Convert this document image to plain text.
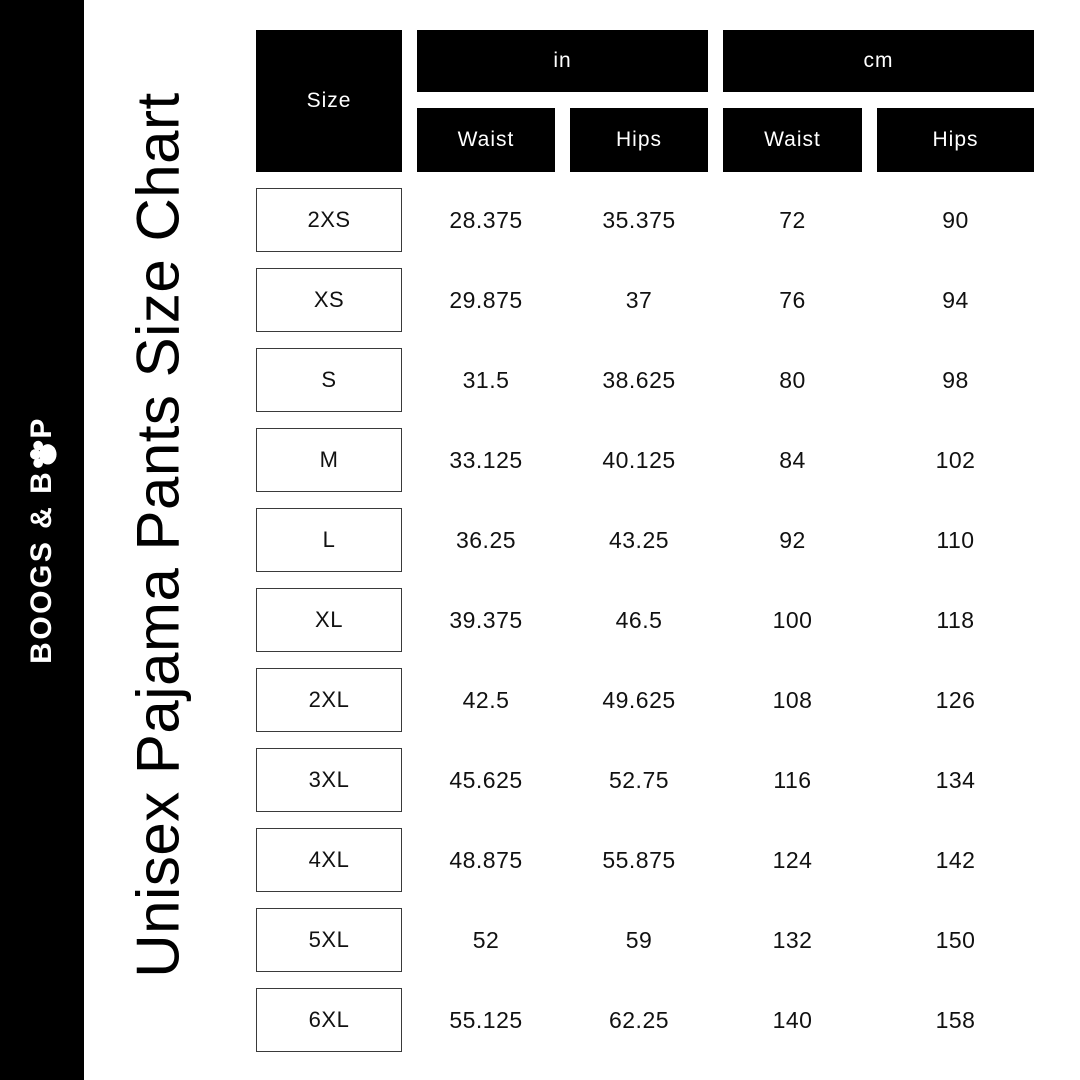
BOOGS & B
P Unisex Pajama Pants Size Chart	Size
in	cm
Waist	Hips	Waist	Hips
2XS	28.375	35.375	72	90
XS	29.875	37	76	94
S	31.5	38.625	80	98
M	33.125	40.125	84	102
L	36.25	43.25	92	110
XL	39.375	46.5	100	118
2XL	42.5	49.625	108	126
3XL	45.625	52.75	116	134
4XL	48.875	55.875	124	142
5XL	52	59	132	150
6XL	55.125	62.25	140	158
